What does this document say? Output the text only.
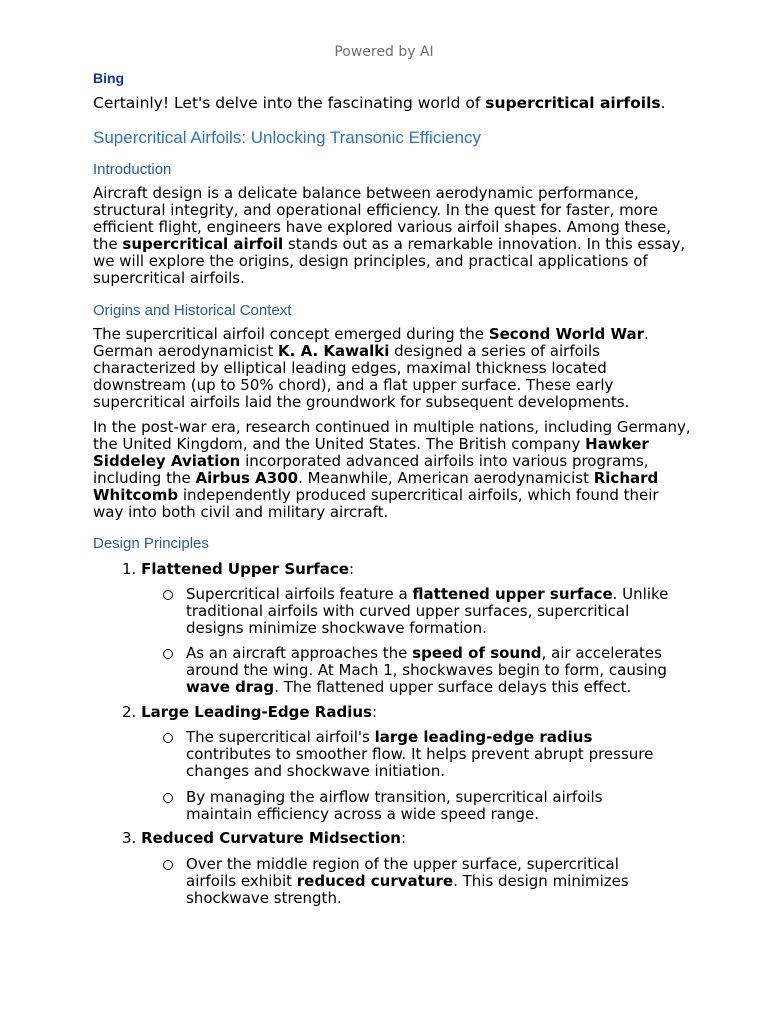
Powered by AI
Bing

Certainly! Let's delve into the fascinating world of supercritical airfoils.

Supercritical Airfoils: Unlocking Transonic Efficiency
Introduction

Aircraft design is a delicate balance between aerodynamic performance, structural integrity, and operational efficiency. In the quest for faster, more efficient flight, engineers have explored various airfoil shapes. Among these, the supercritical airfoil stands out as a remarkable innovation. In this essay, we will explore the origins, design principles, and practical applications of supercritical airfoils.

Origins and Historical Context

The supercritical airfoil concept emerged during the Second World War. German aerodynamicist K. A. Kawalki designed a series of airfoils characterized by elliptical leading edges, maximal thickness located downstream (up to 50% chord), and a flat upper surface. These early supercritical airfoils laid the groundwork for subsequent developments.

In the post-war era, research continued in multiple nations, including Germany, the United Kingdom, and the United States. The British company Hawker Siddeley Aviation incorporated advanced airfoils into various programs, including the Airbus A300. Meanwhile, American aerodynamicist Richard Whitcomb independently produced supercritical airfoils, which found their way into both civil and military aircraft.

Design Principles

1. Flattened Upper Surface:

Supercritical airfoils feature a flattened upper surface. Unlike traditional airfoils with curved upper surfaces, supercritical designs minimize shockwave formation.

As an aircraft approaches the speed of sound, air accelerates around the wing. At Mach 1, shockwaves begin to form, causing wave drag. The flattened upper surface delays this effect.

2. Large Leading-Edge Radius:

The supercritical airfoil's large leading-edge radius contributes to smoother flow. It helps prevent abrupt pressure changes and shockwave initiation.

By managing the airflow transition, supercritical airfoils maintain efficiency across a wide speed range.

3. Reduced Curvature Midsection:

Over the middle region of the upper surface, supercritical airfoils exhibit reduced curvature. This design minimizes shockwave strength.
